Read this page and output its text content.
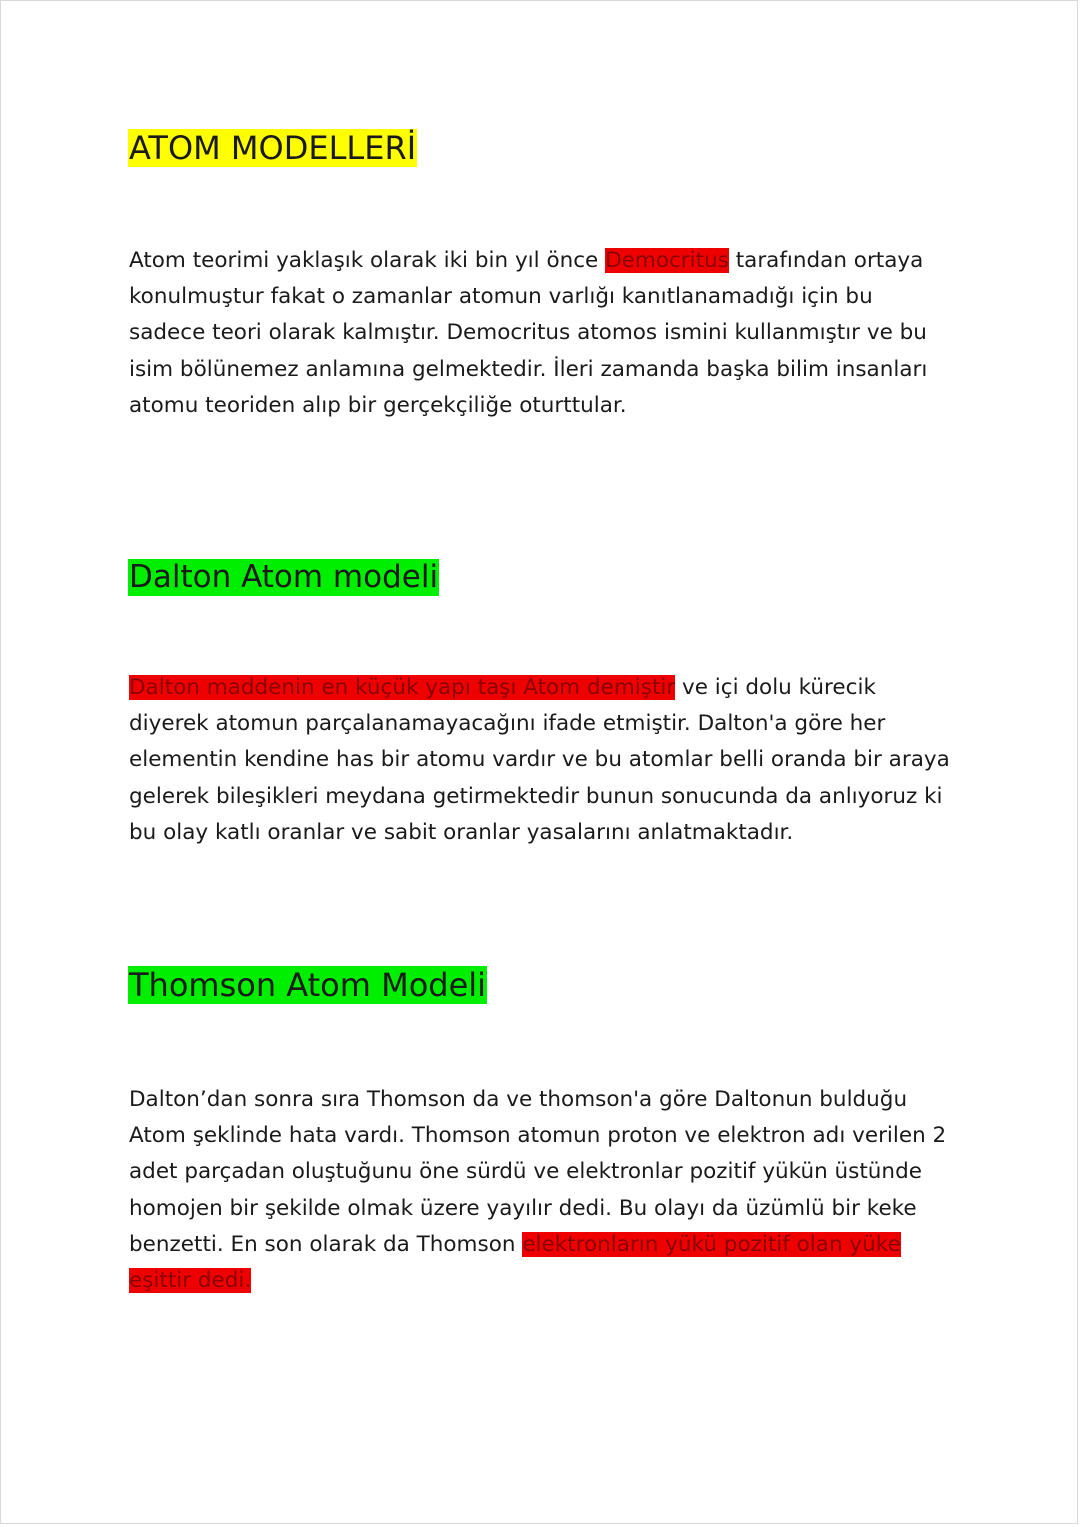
ATOM MODELLERİ

Atom teorimi yaklaşık olarak iki bin yıl önce Democritus tarafından ortaya
konulmuştur fakat o zamanlar atomun varlığı kanıtlanamadığı için bu
sadece teori olarak kalmıştır. Democritus atomos ismini kullanmıştır ve bu
isim bölünemez anlamına gelmektedir. İleri zamanda başka bilim insanları
atomu teoriden alıp bir gerçekçiliğe oturttular.

Dalton Atom modeli

Dalton maddenin en küçük yapı taşı Atom demiştir ve içi dolu kürecik
diyerek atomun parçalanamayacağını ifade etmiştir. Dalton'a göre her
elementin kendine has bir atomu vardır ve bu atomlar belli oranda bir araya
gelerek bileşikleri meydana getirmektedir bunun sonucunda da anlıyoruz ki
bu olay katlı oranlar ve sabit oranlar yasalarını anlatmaktadır.

Thomson Atom Modeli

Dalton’dan sonra sıra Thomson da ve thomson'a göre Daltonun bulduğu
Atom şeklinde hata vardı. Thomson atomun proton ve elektron adı verilen 2
adet parçadan oluştuğunu öne sürdü ve elektronlar pozitif yükün üstünde
homojen bir şekilde olmak üzere yayılır dedi. Bu olayı da üzümlü bir keke
benzetti. En son olarak da Thomson elektronların yükü pozitif olan yüke
eşittir dedi.
